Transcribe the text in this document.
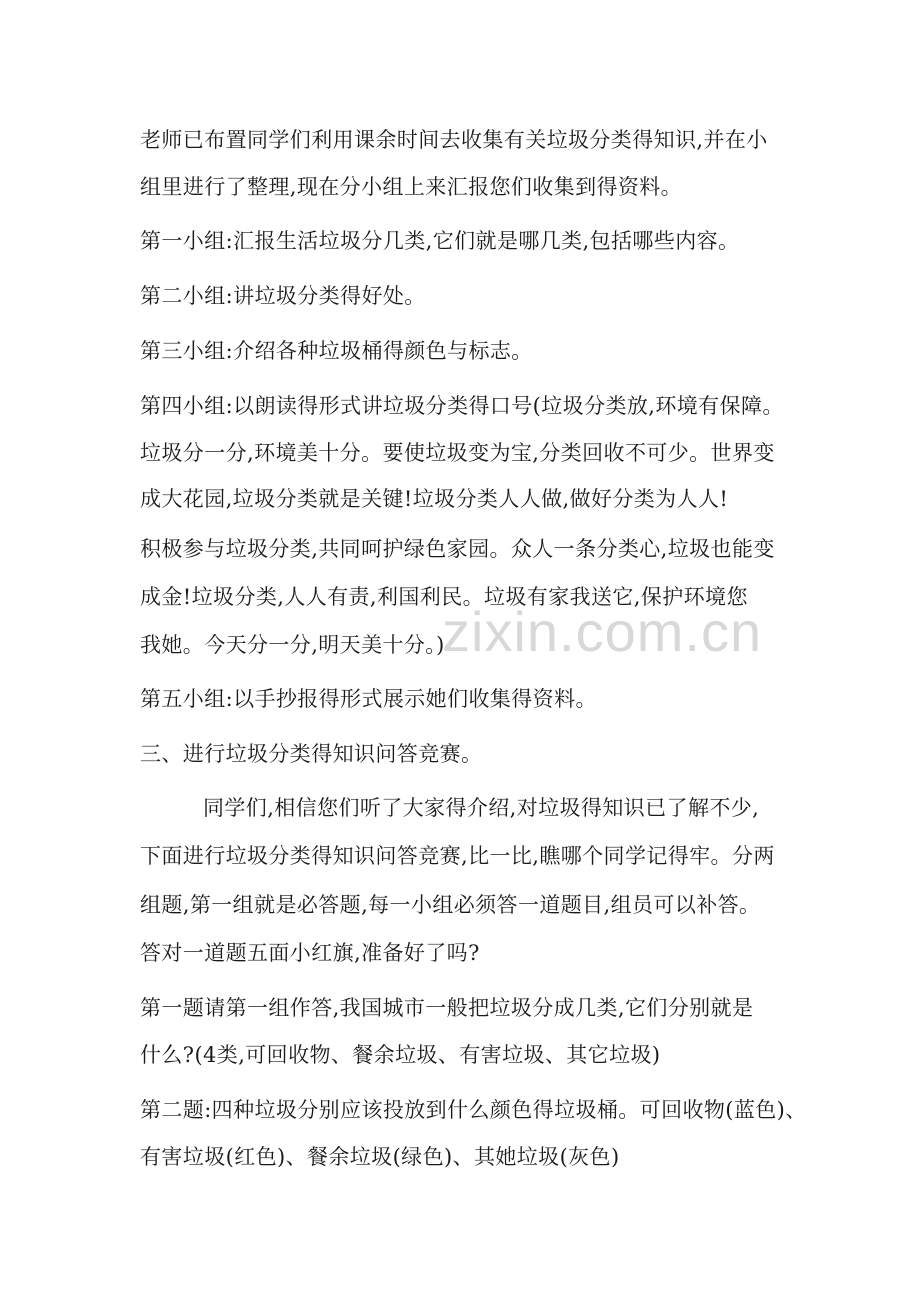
老师已布置同学们利用课余时间去收集有关垃圾分类得知识,并在小
组里进行了整理,现在分小组上来汇报您们收集到得资料。
第一小组:汇报生活垃圾分几类,它们就是哪几类,包括哪些内容。
第二小组:讲垃圾分类得好处。
第三小组:介绍各种垃圾桶得颜色与标志。
第四小组:以朗读得形式讲垃圾分类得口号(垃圾分类放,环境有保障。
垃圾分一分,环境美十分。要使垃圾变为宝,分类回收不可少。世界变
成大花园,垃圾分类就是关键!垃圾分类人人做,做好分类为人人!
积极参与垃圾分类,共同呵护绿色家园。众人一条分类心,垃圾也能变
成金!垃圾分类,人人有责,利国利民。垃圾有家我送它,保护环境您
我她。今天分一分,明天美十分。)
第五小组:以手抄报得形式展示她们收集得资料。
三、进行垃圾分类得知识问答竞赛。
同学们,相信您们听了大家得介绍,对垃圾得知识已了解不少,
下面进行垃圾分类得知识问答竞赛,比一比,瞧哪个同学记得牢。分两
组题,第一组就是必答题,每一小组必须答一道题目,组员可以补答。
答对一道题五面小红旗,准备好了吗?
第一题请第一组作答,我国城市一般把垃圾分成几类,它们分别就是
什么?(4类,可回收物、餐余垃圾、有害垃圾、其它垃圾)
第二题:四种垃圾分别应该投放到什么颜色得垃圾桶。可回收物(蓝色)、
有害垃圾(红色)、餐余垃圾(绿色)、其她垃圾(灰色)
zixin.com.cn
